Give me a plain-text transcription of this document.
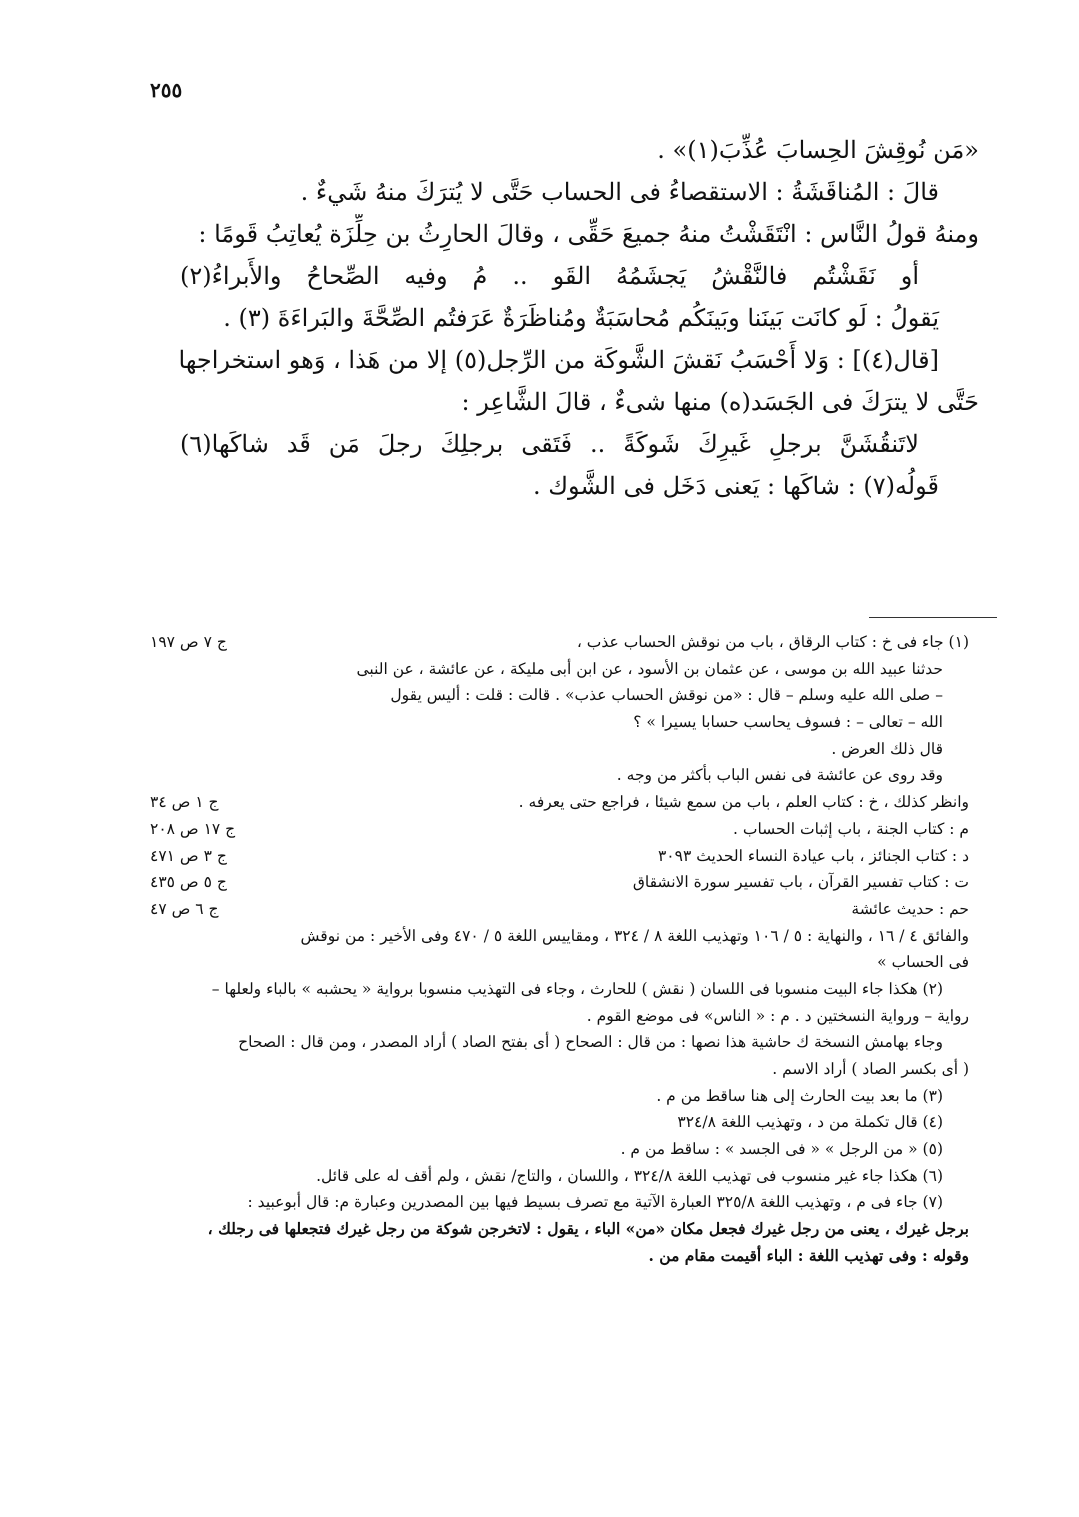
٢٥٥
«مَن نُوقِشَ الحِسابَ عُذِّبَ(١)» .
قالَ : المُناقَشَةُ : الاستقصاءُ فى الحساب حَتَّى لا يُترَكَ منهُ شَيءٌ .
ومنهُ قولُ النَّاس : انْتَقَشْتُ منهُ جميعَ حَقِّى ، وقالَ الحارِثُ بن حِلِّزَة يُعاتِبُ قَومًا :
أو نَقَشْتُم فالنَّقْشُ يَجشَمُهُ القَو .. مُ وفيه الصِّحاحُ والأَبراءُ(٢)
يَقولُ : لَو كانَت بَينَنا وبَينَكُم مُحاسَبَةٌ ومُناظَرَةٌ عَرَفتُم الصِّحَّةَ والبَراءَةَ (٣) .
[قال(٤)] : وَلا أَحْسَبُ نَقشَ الشَّوكَة من الرِّجل(٥) إلا من هَذا ، وَهو استخراجها
حَتَّى لا يترَكَ فى الجَسَد(ه) منها شىءٌ ، قالَ الشَّاعِر :
لاتَنقُشَنَّ برجلِ غَيرِكَ شَوكَةً .. فَتَقى برجلِكَ رجلَ مَن قَد شاكَها(٦)
قَولُه(٧) : شاكَها : يَعنى دَخَل فى الشَّوك .
(١) جاء فى خ : كتاب الرقاق ، باب من نوقش الحساب عذب ،
ج ٧ ص ١٩٧
حدثنا عبيد الله بن موسى ، عن عثمان بن الأسود ، عن ابن أبى مليكة ، عن عائشة ، عن النبى
– صلى الله عليه وسلم – قال : «من نوقش الحساب عذب» . قالت : قلت : أليس يقول
الله – تعالى – : فسوف يحاسب حسابا يسيرا » ؟
قال ذلك العرض .
وقد روى عن عائشة فى نفس الباب بأكثر من وجه .
وانظر كذلك ، خ : كتاب العلم ، باب من سمع شيئا ، فراجع حتى يعرفه .
ج ١ ص ٣٤
م : كتاب الجنة ، باب إثبات الحساب .
ج ١٧ ص ٢٠٨
د : كتاب الجنائز ، باب عيادة النساء الحديث ٣٠٩٣
ج ٣ ص ٤٧١
ت : كتاب تفسير القرآن ، باب تفسير سورة الانشقاق
ج ٥ ص ٤٣٥
حم : حديث عائشة
ج ٦ ص ٤٧
والفائق ٤ / ١٦ ، والنهاية : ٥ / ١٠٦ وتهذيب اللغة ٨ / ٣٢٤ ، ومقاييس اللغة ٥ / ٤٧٠ وفى الأخير : من نوقش
فى الحساب »
(٢) هكذا جاء البيت منسوبا فى اللسان ( نقش ) للحارث ، وجاء فى التهذيب منسوبا برواية « يحشبه » بالباء ولعلها –
رواية – ورواية النسختين د . م : « الناس» فى موضع القوم .
وجاء بهامش النسخة ك حاشية هذا نصها : من قال : الصحاح ( أى بفتح الصاد ) أراد المصدر ، ومن قال : الصحاح
( أى بكسر الصاد ) أراد الاسم .
(٣) ما بعد بيت الحارث إلى هنا ساقط من م .
(٤) قال تكملة من د ، وتهذيب اللغة ٣٢٤/٨
(٥) « من الرجل » « فى الجسد » : ساقط من م .
(٦) هكذا جاء غير منسوب فى تهذيب اللغة ٣٢٤/٨ ، واللسان ، والتاج/ نقش ، ولم أقف له على قائل.
(٧) جاء فى م ، وتهذيب اللغة ٣٢٥/٨ العبارة الآتية مع تصرف بسيط فيها بين المصدرين وعبارة م: قال أبوعبيد :
برجل غيرك ، يعنى من رجل غيرك فجعل مكان «من» الباء ، يقول : لاتخرجن شوكة من رجل غيرك فتجعلها فى رجلك ،
وقوله : وفى تهذيب اللغة : الباء أقيمت مقام من .
